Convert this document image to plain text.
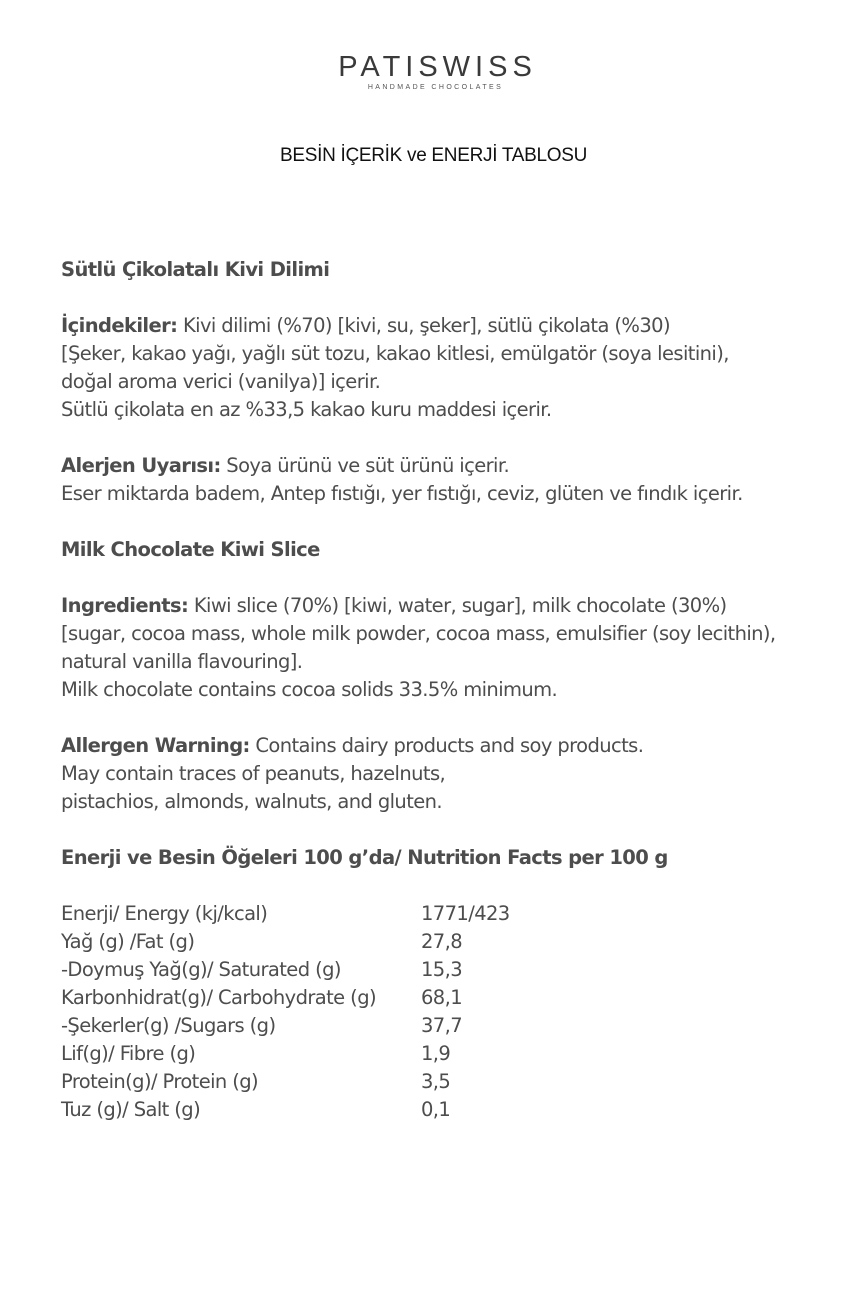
PATISWISS
HANDMADE CHOCOLATES
BESİN İÇERİK ve ENERJİ TABLOSU

Sütlü Çikolatalı Kivi Dilimi

İçindekiler: Kivi dilimi (%70) [kivi, su, şeker], sütlü çikolata (%30)
[Şeker, kakao yağı, yağlı süt tozu, kakao kitlesi, emülgatör (soya lesitini),
doğal aroma verici (vanilya)] içerir.
Sütlü çikolata en az %33,5 kakao kuru maddesi içerir.

Alerjen Uyarısı: Soya ürünü ve süt ürünü içerir.
Eser miktarda badem, Antep fıstığı, yer fıstığı, ceviz, glüten ve fındık içerir.

Milk Chocolate Kiwi Slice

Ingredients: Kiwi slice (70%) [kiwi, water, sugar], milk chocolate (30%)
[sugar, cocoa mass, whole milk powder, cocoa mass, emulsifier (soy lecithin),
natural vanilla flavouring].
Milk chocolate contains cocoa solids 33.5% minimum.

Allergen Warning: Contains dairy products and soy products.
May contain traces of peanuts, hazelnuts,
pistachios, almonds, walnuts, and gluten.

Enerji ve Besin Öğeleri 100 g’da/ Nutrition Facts per 100 g

Enerji/ Energy (kj/kcal)	1771/423
Yağ (g) /Fat (g)	27,8
-Doymuş Yağ(g)/ Saturated (g)	15,3
Karbonhidrat(g)/ Carbohydrate (g)	68,1
-Şekerler(g) /Sugars (g)	37,7
Lif(g)/ Fibre (g)	1,9
Protein(g)/ Protein (g)	3,5
Tuz (g)/ Salt (g)	0,1
